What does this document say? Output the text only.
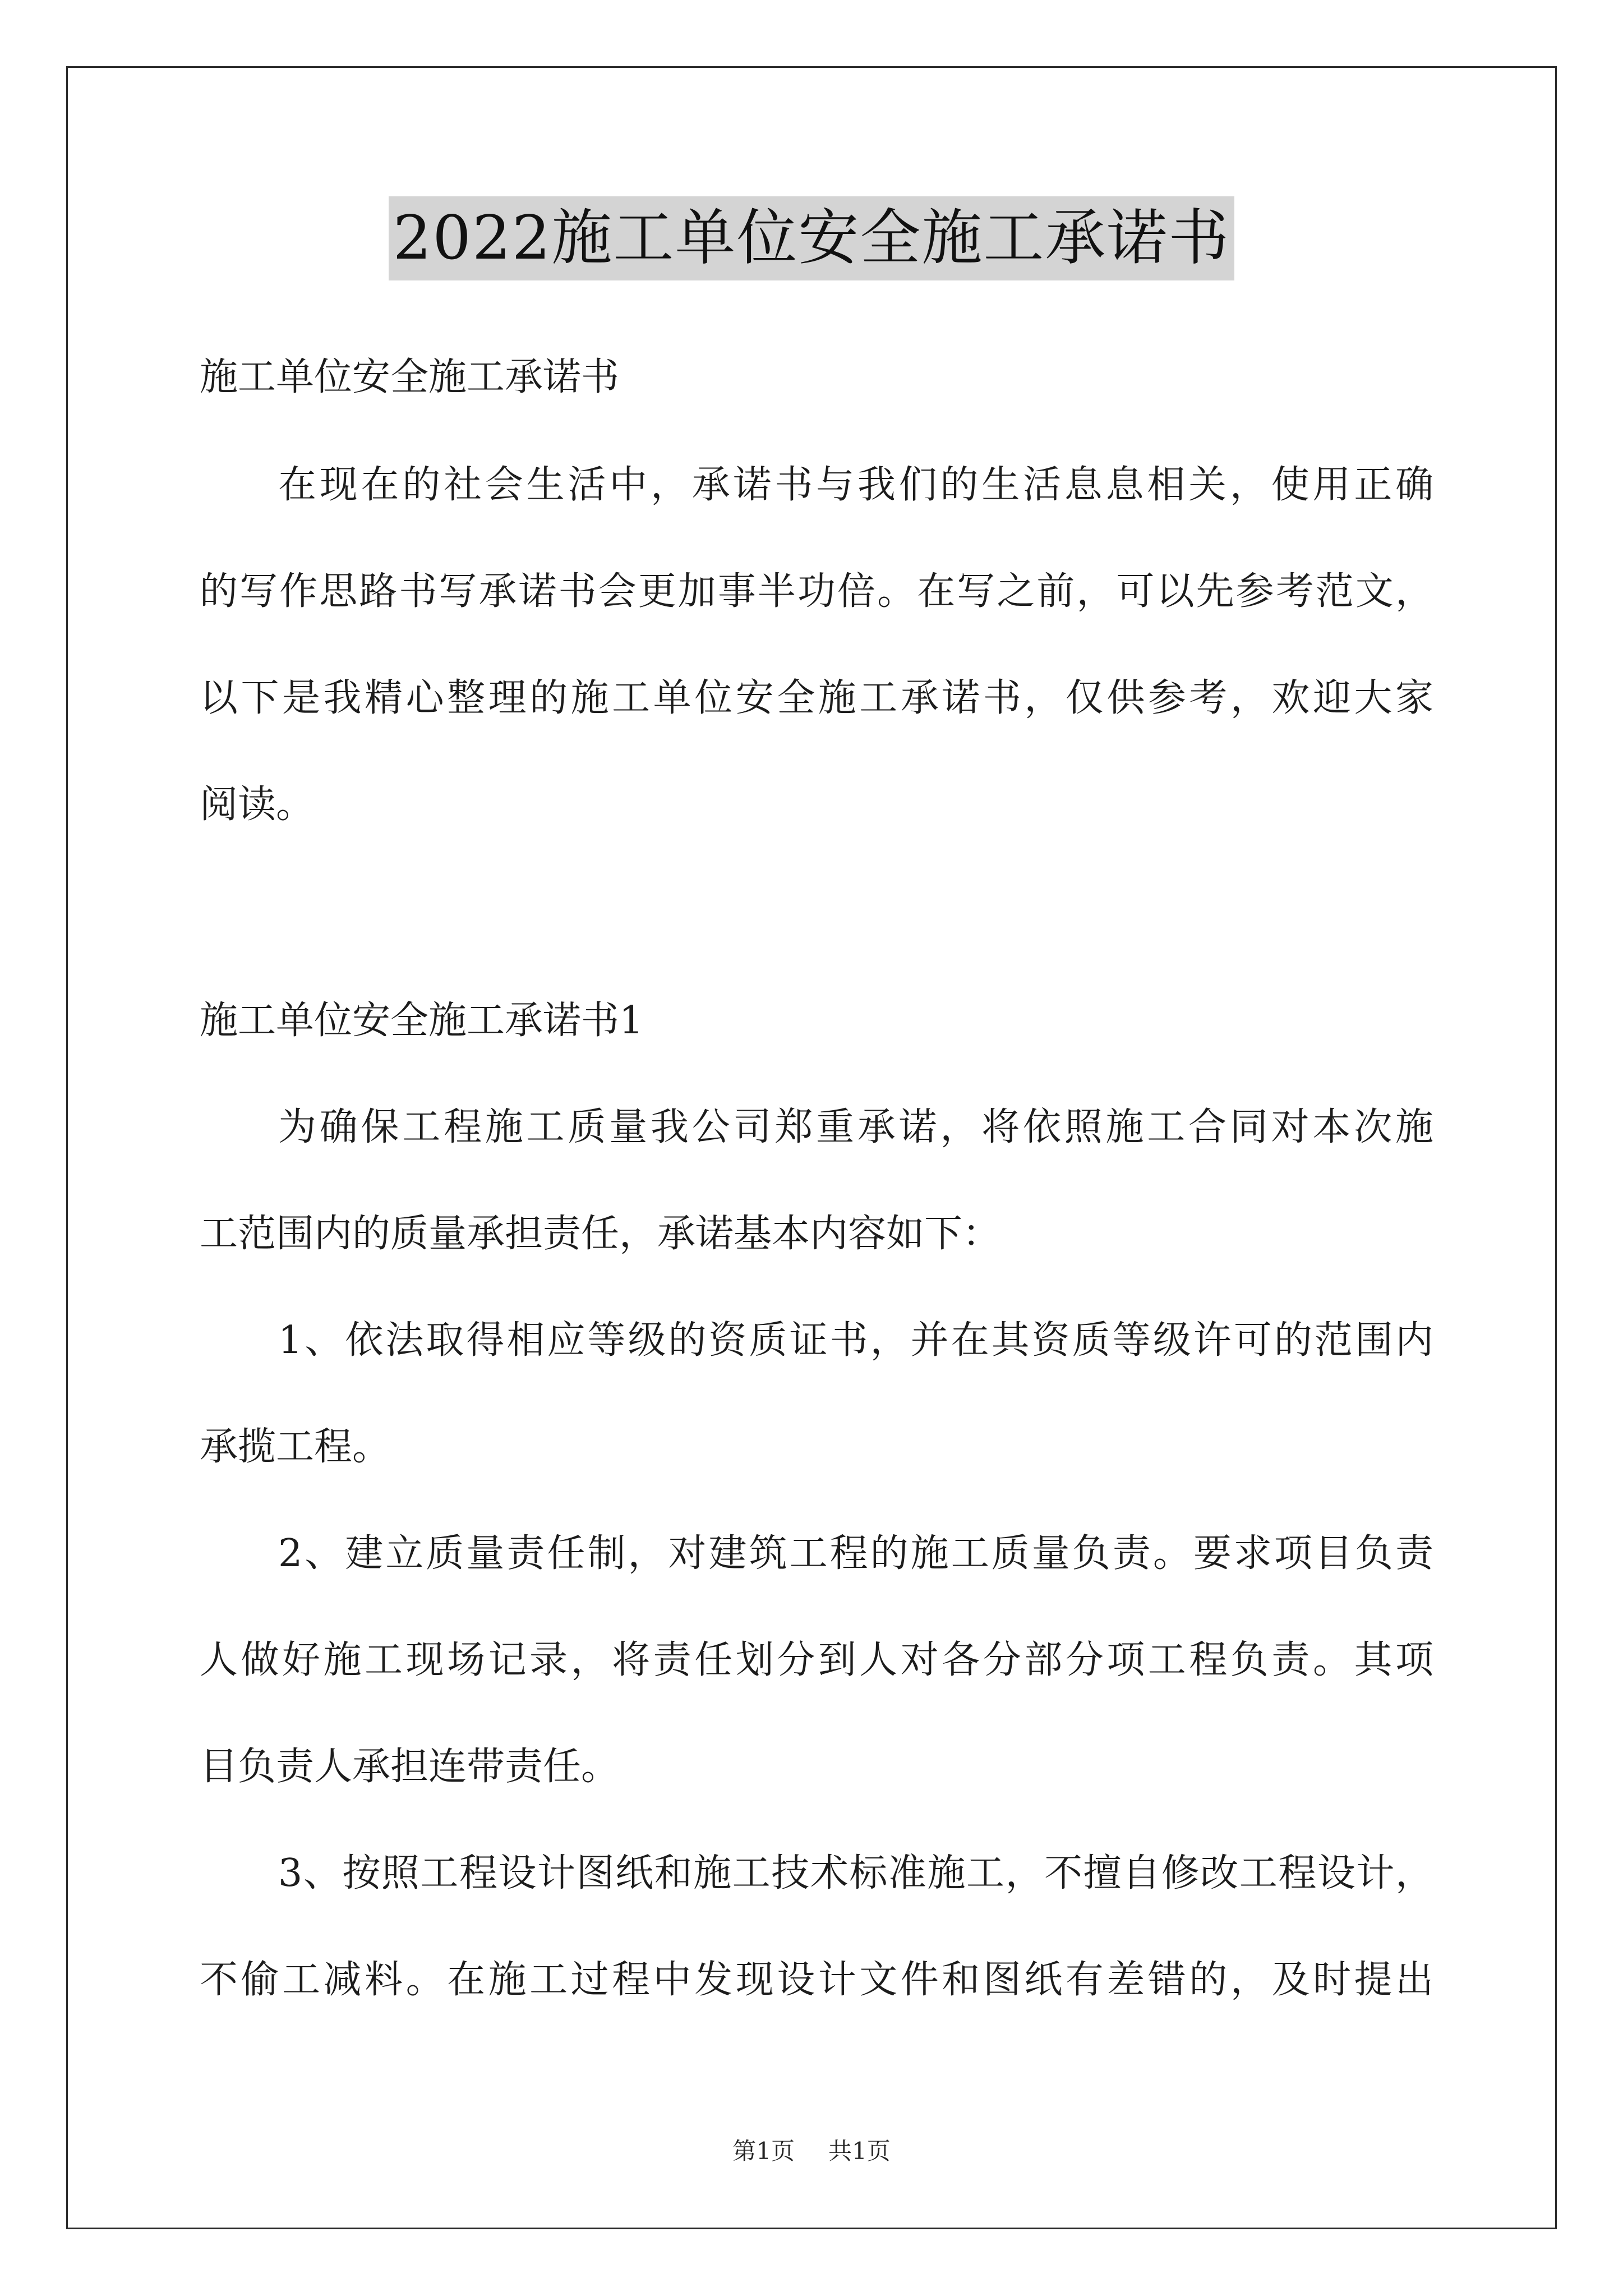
2022施工单位安全施工承诺书
施工单位安全施工承诺书
在现在的社会生活中，承诺书与我们的生活息息相关，使用正确
的写作思路书写承诺书会更加事半功倍。在写之前，可以先参考范文，
以下是我精心整理的施工单位安全施工承诺书，仅供参考，欢迎大家
阅读。
施工单位安全施工承诺书1
为确保工程施工质量我公司郑重承诺，将依照施工合同对本次施
工范围内的质量承担责任，承诺基本内容如下：
1、依法取得相应等级的资质证书，并在其资质等级许可的范围内
承揽工程。
2、建立质量责任制，对建筑工程的施工质量负责。要求项目负责
人做好施工现场记录，将责任划分到人对各分部分项工程负责。其项
目负责人承担连带责任。
3、按照工程设计图纸和施工技术标准施工，不擅自修改工程设计，
不偷工减料。在施工过程中发现设计文件和图纸有差错的，及时提出
第1页 共1页
